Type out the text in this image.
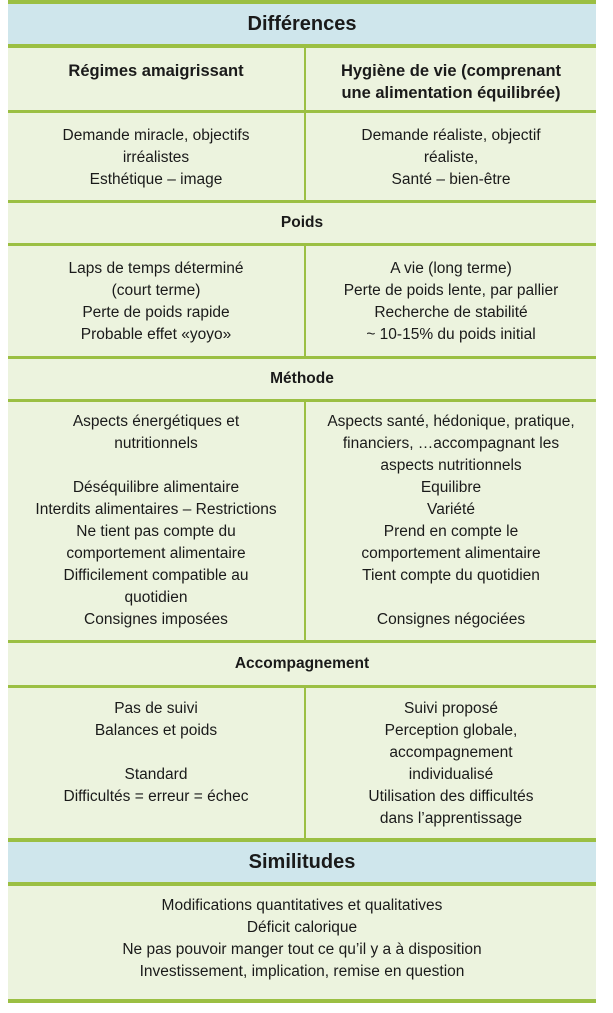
Différences
Régimes amaigrissant	Hygiène de vie (comprenant
une alimentation équilibrée)
Demande miracle, objectifs
irréalistes
Esthétique – image
Demande réaliste, objectif
réaliste,
Santé – bien-être
Poids
Laps de temps déterminé
(court terme)
Perte de poids rapide
Probable effet «yoyo»
A vie (long terme)
Perte de poids lente, par pallier
Recherche de stabilité
~ 10-15% du poids initial
Méthode
Aspects énergétiques et
nutritionnels
Déséquilibre alimentaire
Interdits alimentaires – Restrictions
Ne tient pas compte du
comportement alimentaire
Difficilement compatible au
quotidien
Consignes imposées
Aspects santé, hédonique, pratique,
financiers, …accompagnant les
aspects nutritionnels
Equilibre
Variété
Prend en compte le
comportement alimentaire
Tient compte du quotidien
Consignes négociées
Accompagnement
Pas de suivi
Balances et poids
Standard
Difficultés = erreur = échec
Suivi proposé
Perception globale,
accompagnement
individualisé
Utilisation des difficultés
dans l’apprentissage
Similitudes
Modifications quantitatives et qualitatives
Déficit calorique
Ne pas pouvoir manger tout ce qu’il y a à disposition
Investissement, implication, remise en question
